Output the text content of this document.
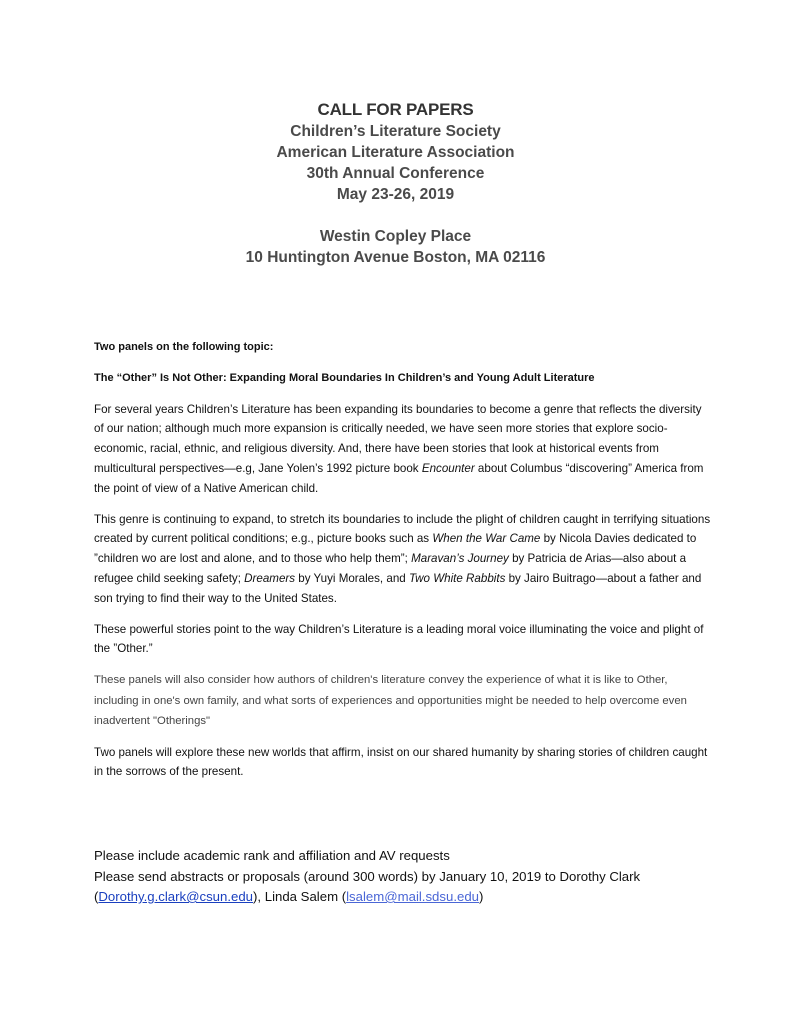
CALL FOR PAPERS
Children’s Literature Society
American Literature Association
30th Annual Conference
May 23-26, 2019
Westin Copley Place
10 Huntington Avenue Boston, MA 02116

Two panels on the following topic:

The “Other” Is Not Other: Expanding Moral Boundaries In Children’s and Young Adult Literature

For several years Children’s Literature has been expanding its boundaries to become a genre that reflects the diversity of our nation; although much more expansion is critically needed, we have seen more stories that explore socio-economic, racial, ethnic, and religious diversity. And, there have been stories that look at historical events from multicultural perspectives—e.g, Jane Yolen’s 1992 picture book Encounter about Columbus “discovering” America from the point of view of a Native American child.

This genre is continuing to expand, to stretch its boundaries to include the plight of children caught in terrifying situations created by current political conditions; e.g., picture books such as When the War Came by Nicola Davies dedicated to ”children wo are lost and alone, and to those who help them”; Maravan’s Journey by Patricia de Arias—also about a refugee child seeking safety; Dreamers by Yuyi Morales, and Two White Rabbits by Jairo Buitrago—about a father and son trying to find their way to the United States.

These powerful stories point to the way Children’s Literature is a leading moral voice illuminating the voice and plight of the ”Other.”

These panels will also consider how authors of children's literature convey the experience of what it is like to Other, including in one's own family, and what sorts of experiences and opportunities might be needed to help overcome even inadvertent "Otherings"

Two panels will explore these new worlds that affirm, insist on our shared humanity by sharing stories of children caught in the sorrows of the present.

Please include academic rank and affiliation and AV requests

Please send abstracts or proposals (around 300 words) by January 10, 2019 to Dorothy Clark

(Dorothy.g.clark@csun.edu), Linda Salem (lsalem@mail.sdsu.edu)
